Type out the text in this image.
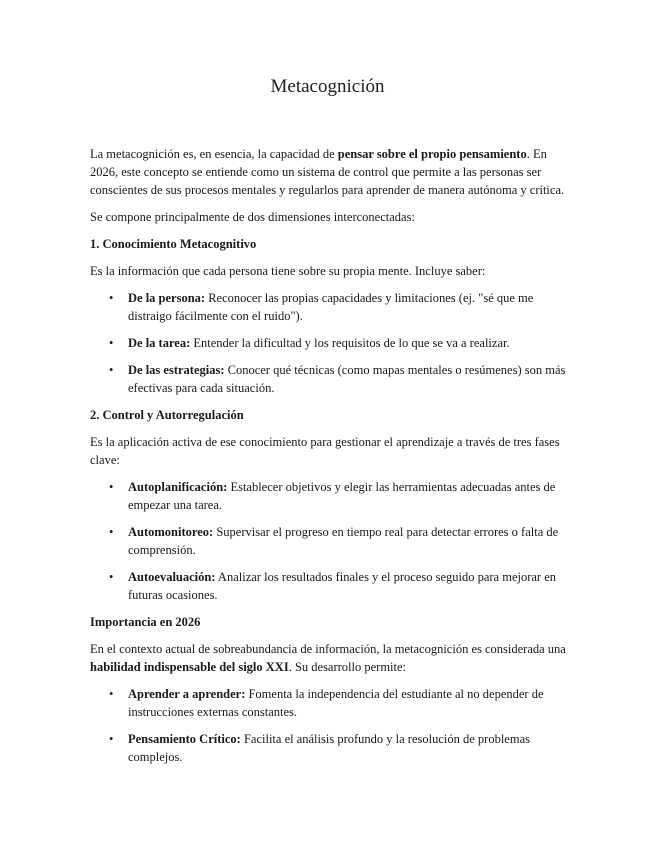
Metacognición

La metacognición es, en esencia, la capacidad de pensar sobre el propio pensamiento. En 2026, este concepto se entiende como un sistema de control que permite a las personas ser conscientes de sus procesos mentales y regularlos para aprender de manera autónoma y crítica.

Se compone principalmente de dos dimensiones interconectadas:

1. Conocimiento Metacognitivo

Es la información que cada persona tiene sobre su propia mente. Incluye saber:

• De la persona: Reconocer las propias capacidades y limitaciones (ej. "sé que me distraigo fácilmente con el ruido").
• De la tarea: Entender la dificultad y los requisitos de lo que se va a realizar.
• De las estrategias: Conocer qué técnicas (como mapas mentales o resúmenes) son más efectivas para cada situación.
2. Control y Autorregulación

Es la aplicación activa de ese conocimiento para gestionar el aprendizaje a través de tres fases clave:

• Autoplanificación: Establecer objetivos y elegir las herramientas adecuadas antes de empezar una tarea.
• Automonitoreo: Supervisar el progreso en tiempo real para detectar errores o falta de comprensión.
• Autoevaluación: Analizar los resultados finales y el proceso seguido para mejorar en futuras ocasiones.
Importancia en 2026

En el contexto actual de sobreabundancia de información, la metacognición es considerada una habilidad indispensable del siglo XXI. Su desarrollo permite:

• Aprender a aprender: Fomenta la independencia del estudiante al no depender de instrucciones externas constantes.
• Pensamiento Crítico: Facilita el análisis profundo y la resolución de problemas complejos.
